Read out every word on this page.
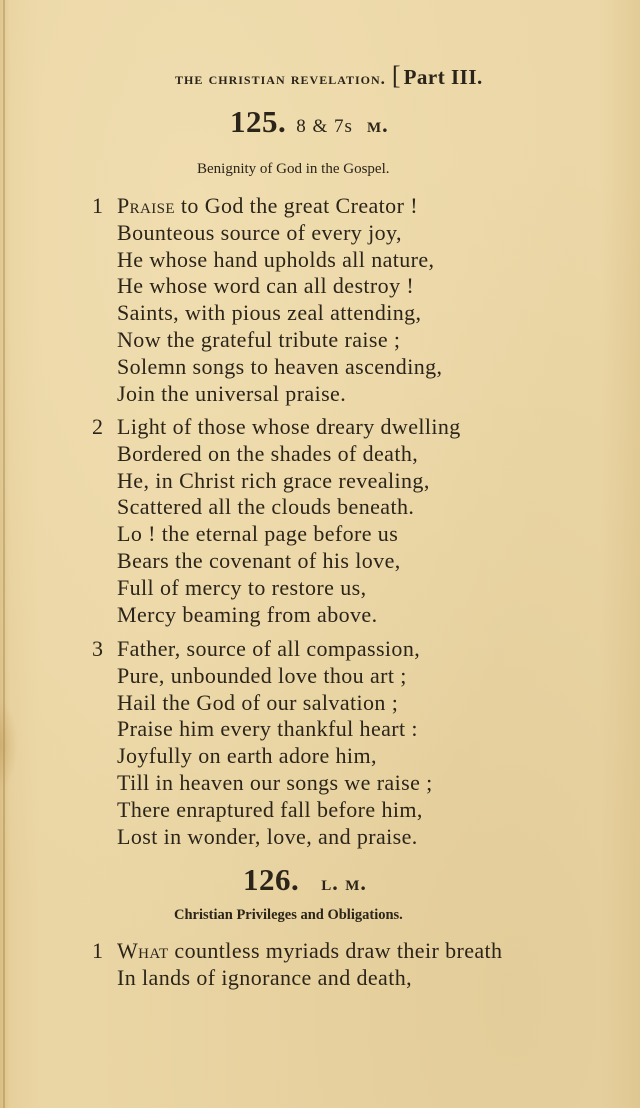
the christian revelation. [Part III.
125. 8 & 7s m.
Benignity of God in the Gospel.
1 Praise to God the great Creator !
Bounteous source of every joy,
He whose hand upholds all nature,
He whose word can all destroy !
Saints, with pious zeal attending,
Now the grateful tribute raise ;
Solemn songs to heaven ascending,
Join the universal praise.
2 Light of those whose dreary dwelling
Bordered on the shades of death,
He, in Christ rich grace revealing,
Scattered all the clouds beneath.
Lo ! the eternal page before us
Bears the covenant of his love,
Full of mercy to restore us,
Mercy beaming from above.
3 Father, source of all compassion,
Pure, unbounded love thou art ;
Hail the God of our salvation ;
Praise him every thankful heart :
Joyfully on earth adore him,
Till in heaven our songs we raise ;
There enraptured fall before him,
Lost in wonder, love, and praise.
126. l. m.
Christian Privileges and Obligations.
1 What countless myriads draw their breath
In lands of ignorance and death,
